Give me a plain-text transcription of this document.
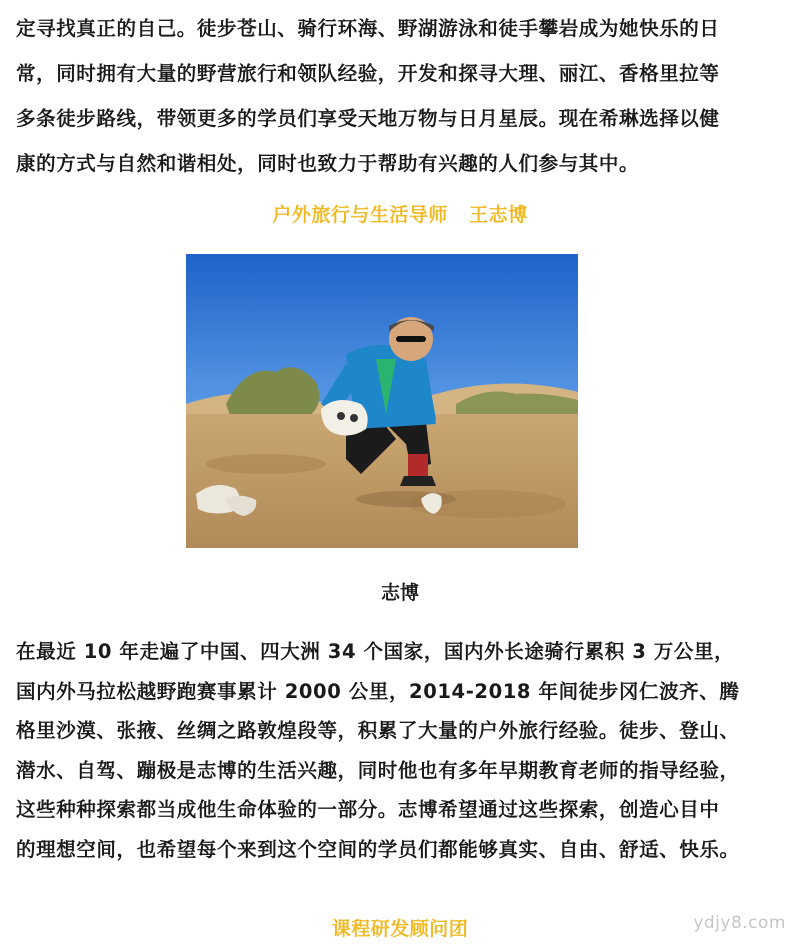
定寻找真正的自己。徒步苍山、骑行环海、野湖游泳和徒手攀岩成为她快乐的日
常，同时拥有大量的野营旅行和领队经验，开发和探寻大理、丽江、香格里拉等
多条徒步路线，带领更多的学员们享受天地万物与日月星辰。现在希琳选择以健
康的方式与自然和谐相处，同时也致力于帮助有兴趣的人们参与其中。
户外旅行与生活导师   王志博
志博
在最近 10 年走遍了中国、四大洲 34 个国家，国内外长途骑行累积 3 万公里，
国内外马拉松越野跑赛事累计 2000 公里，2014-2018 年间徒步冈仁波齐、腾
格里沙漠、张掖、丝绸之路敦煌段等，积累了大量的户外旅行经验。徒步、登山、
潜水、自驾、蹦极是志博的生活兴趣，同时他也有多年早期教育老师的指导经验，
这些种种探索都当成他生命体验的一部分。志博希望通过这些探索，创造心目中
的理想空间，也希望每个来到这个空间的学员们都能够真实、自由、舒适、快乐。
课程研发顾问团	ydjy8.com
